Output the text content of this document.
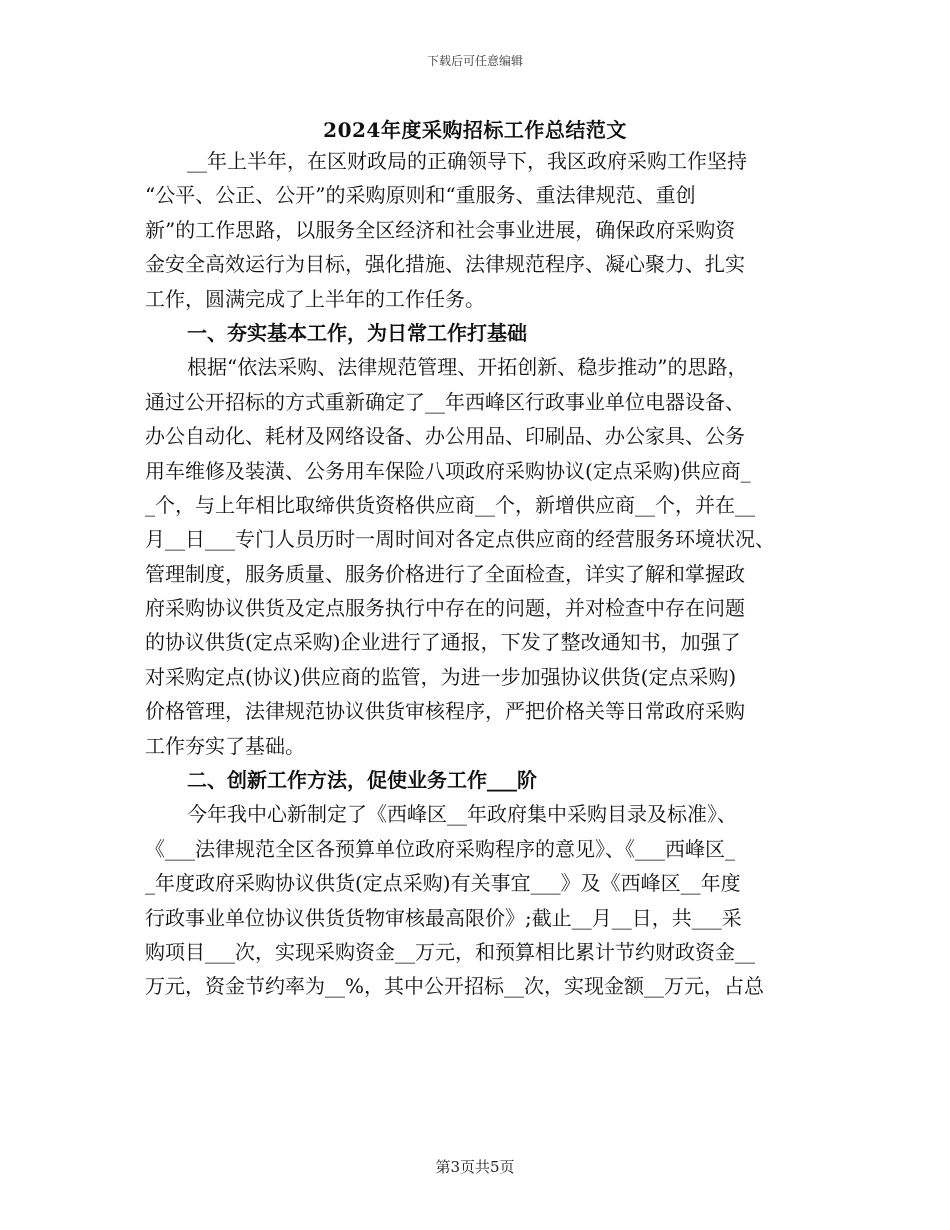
下载后可任意编辑
2024年度采购招标工作总结范文
__年上半年，在区财政局的正确领导下，我区政府采购工作坚持
“公平、公正、公开”的采购原则和“重服务、重法律规范、重创
新”的工作思路，以服务全区经济和社会事业进展，确保政府采购资
金安全高效运行为目标，强化措施、法律规范程序、凝心聚力、扎实
工作，圆满完成了上半年的工作任务。
一、夯实基本工作，为日常工作打基础
根据“依法采购、法律规范管理、开拓创新、稳步推动”的思路，
通过公开招标的方式重新确定了__年西峰区行政事业单位电器设备、
办公自动化、耗材及网络设备、办公用品、印刷品、办公家具、公务
用车维修及装潢、公务用车保险八项政府采购协议(定点采购)供应商_
_个，与上年相比取缔供货资格供应商__个，新增供应商__个，并在__
月__日___专门人员历时一周时间对各定点供应商的经营服务环境状况、
管理制度，服务质量、服务价格进行了全面检查，详实了解和掌握政
府采购协议供货及定点服务执行中存在的问题，并对检查中存在问题
的协议供货(定点采购)企业进行了通报，下发了整改通知书，加强了
对采购定点(协议)供应商的监管，为进一步加强协议供货(定点采购)
价格管理，法律规范协议供货审核程序，严把价格关等日常政府采购
工作夯实了基础。
二、创新工作方法，促使业务工作___阶
今年我中心新制定了《西峰区__年政府集中采购目录及标准》、
《___法律规范全区各预算单位政府采购程序的意见》、《___西峰区_
_年度政府采购协议供货(定点采购)有关事宜___》及《西峰区__年度
行政事业单位协议供货货物审核最高限价》;截止__月__日，共___采
购项目___次，实现采购资金__万元，和预算相比累计节约财政资金__
万元，资金节约率为__%，其中公开招标__次，实现金额__万元，占总
第3页共5页
